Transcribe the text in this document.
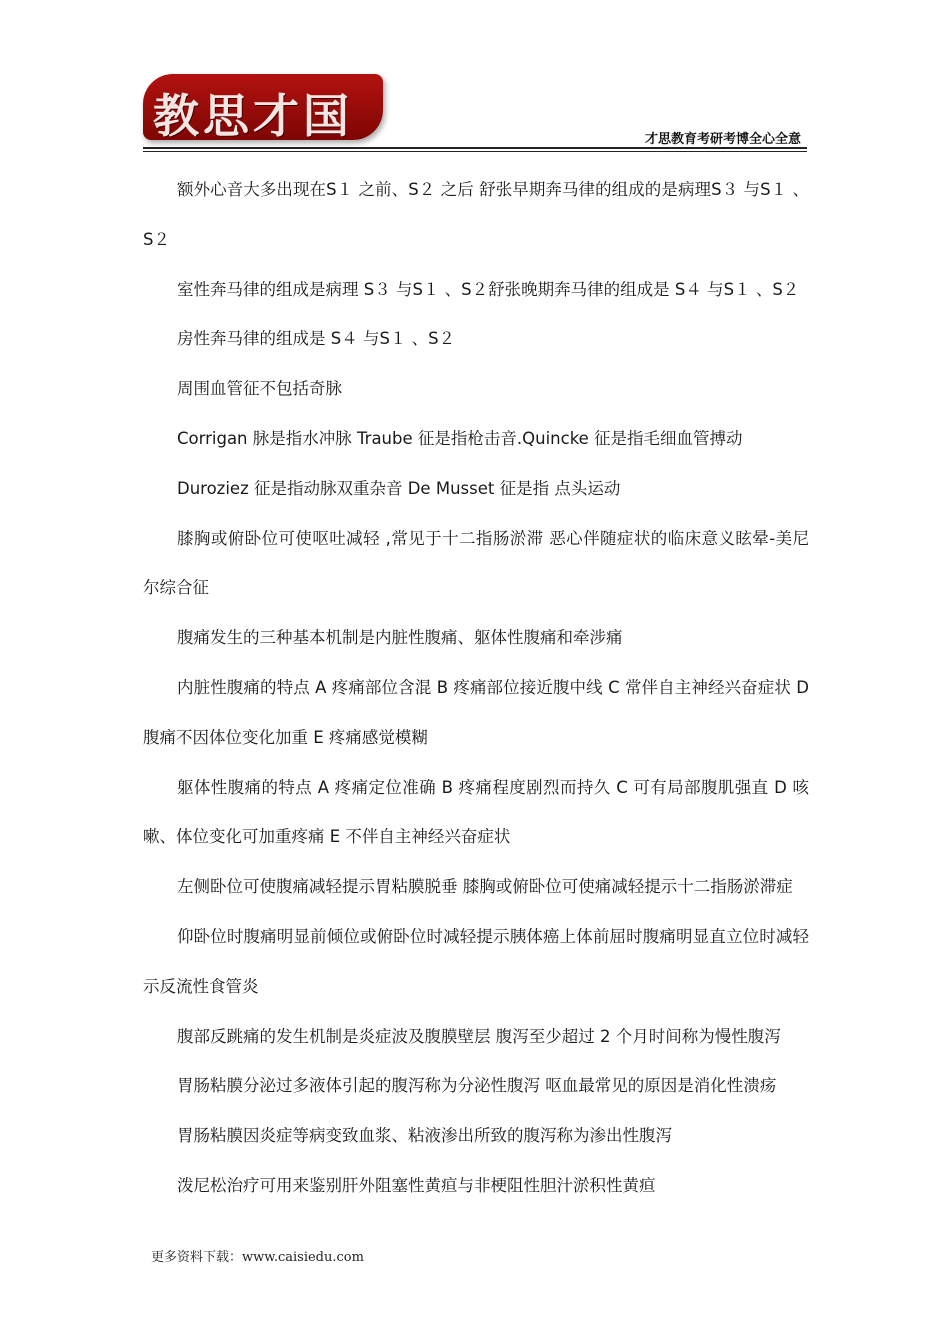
教思才国	才思教育考研考博全心全意

额外心音大多出现在S１ 之前、S２ 之后 舒张早期奔马律的组成的是病理S３ 与S１ 、S２

室性奔马律的组成是病理 S３ 与S１ 、S２舒张晚期奔马律的组成是 S４ 与S１ 、S２

房性奔马律的组成是 S４ 与S１ 、S２

周围血管征不包括奇脉

Corrigan 脉是指水冲脉 Traube 征是指枪击音.Quincke 征是指毛细血管搏动

Duroziez 征是指动脉双重杂音 De Musset 征是指 点头运动

膝胸或俯卧位可使呕吐减轻 ,常见于十二指肠淤滞 恶心伴随症状的临床意义眩晕-美尼尔综合征

腹痛发生的三种基本机制是内脏性腹痛、躯体性腹痛和牵涉痛

内脏性腹痛的特点 A 疼痛部位含混 B 疼痛部位接近腹中线 C 常伴自主神经兴奋症状 D 腹痛不因体位变化加重 E 疼痛感觉模糊

躯体性腹痛的特点 A 疼痛定位准确 B 疼痛程度剧烈而持久 C 可有局部腹肌强直 D 咳嗽、体位变化可加重疼痛 E 不伴自主神经兴奋症状

左侧卧位可使腹痛减轻提示胃粘膜脱垂 膝胸或俯卧位可使痛减轻提示十二指肠淤滞症

仰卧位时腹痛明显前倾位或俯卧位时减轻提示胰体癌上体前屈时腹痛明显直立位时减轻示反流性食管炎

腹部反跳痛的发生机制是炎症波及腹膜壁层 腹泻至少超过 2 个月时间称为慢性腹泻

胃肠粘膜分泌过多液体引起的腹泻称为分泌性腹泻 呕血最常见的原因是消化性溃疡

胃肠粘膜因炎症等病变致血浆、粘液渗出所致的腹泻称为渗出性腹泻

泼尼松治疗可用来鉴别肝外阻塞性黄疸与非梗阻性胆汁淤积性黄疸

更多资料下载：www.caisiedu.com
